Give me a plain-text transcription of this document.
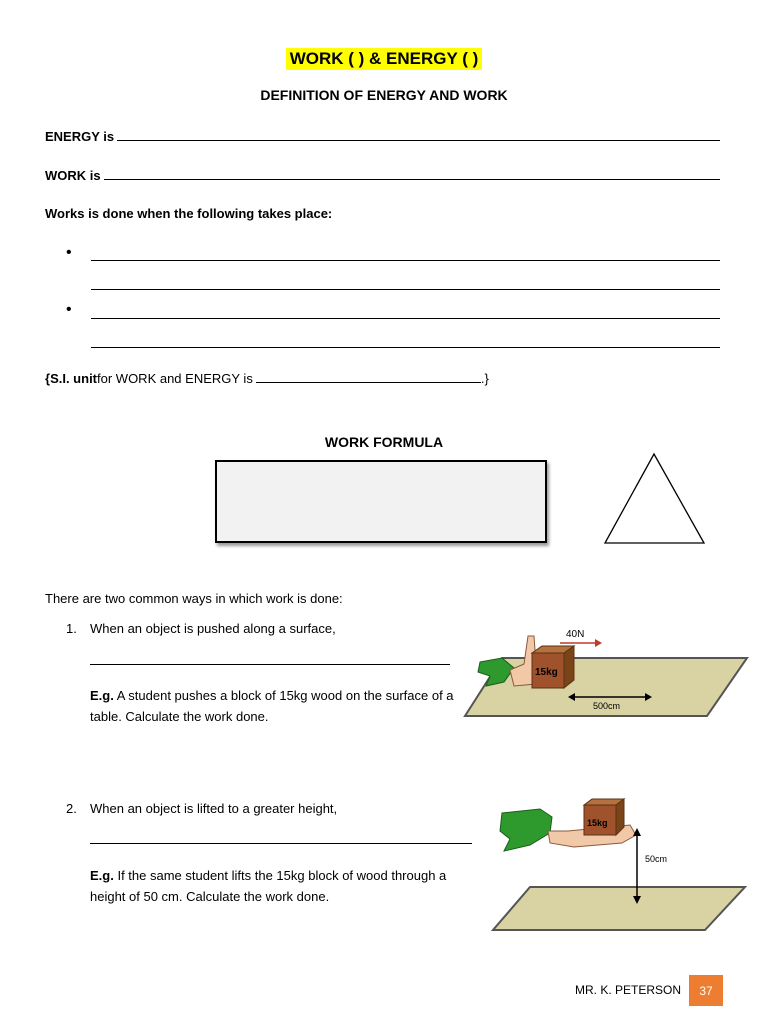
WORK ( ) & ENERGY ( )
DEFINITION OF ENERGY AND WORK
ENERGY is
WORK is
Works is done when the following takes place:
•
•
{ S.I. unit for WORK and ENERGY is	.}
WORK FORMULA
There are two common ways in which work is done:
1. When an object is pushed along a surface,
E.g. A student pushes a block of 15kg wood on the surface of a table. Calculate the work done.
15kg
40N
500cm
2. When an object is lifted to a greater height,
E.g. If the same student lifts the 15kg block of wood through a height of 50 cm. Calculate the work done.
15kg
50cm
MR. K. PETERSON 37
